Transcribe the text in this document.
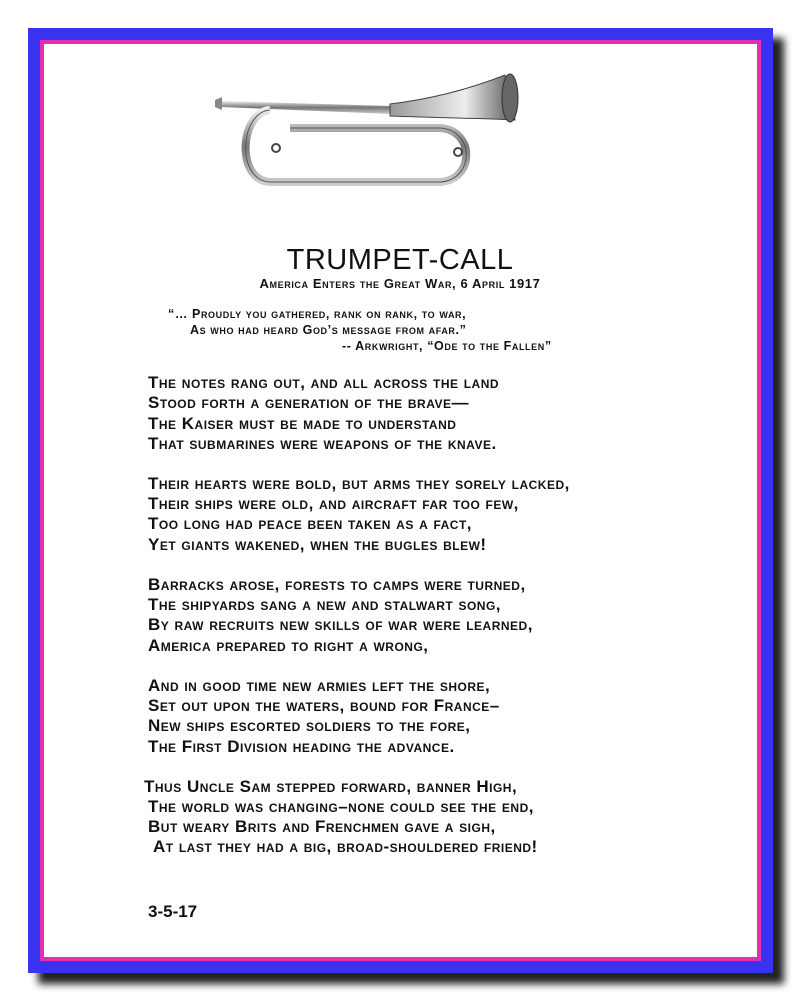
TRUMPET-CALL
America Enters the Great War, 6 April 1917
“… Proudly you gathered, rank on rank, to war,
As who had heard God’s message from afar.”
-- Arkwright, “Ode to the Fallen”
The notes rang out, and all across the land
Stood forth a generation of the brave—
The Kaiser must be made to understand
That submarines were weapons of the knave.
Their hearts were bold, but arms they sorely lacked,
Their ships were old, and aircraft far too few,
Too long had peace been taken as a fact,
Yet giants wakened, when the bugles blew!
Barracks arose, forests to camps were turned,
The shipyards sang a new and stalwart song,
By raw recruits new skills of war were learned,
America prepared to right a wrong,
And in good time new armies left the shore,
Set out upon the waters, bound for France–
New ships escorted soldiers to the fore,
The First Division heading the advance.
Thus Uncle Sam stepped forward, banner High,
The world was changing–none could see the end,
But weary Brits and Frenchmen gave a sigh,
At last they had a big, broad-shouldered friend!
3-5-17
